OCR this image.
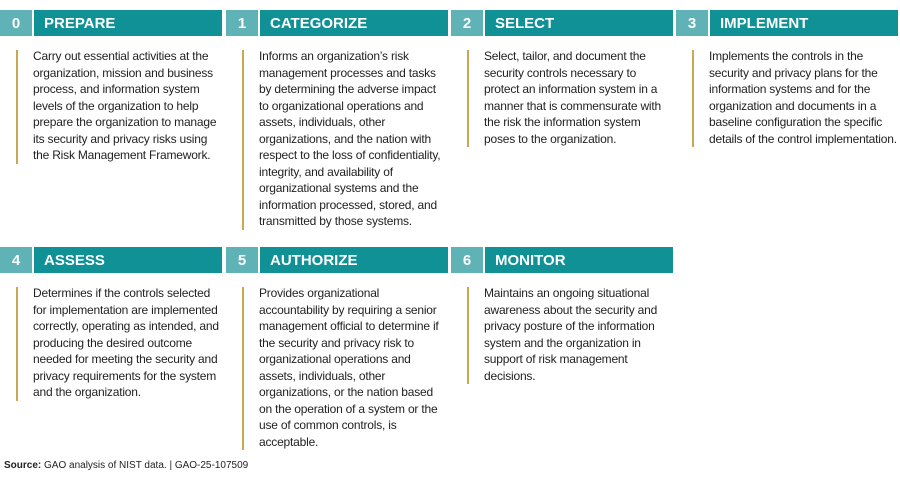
0	PREPARE
Carry out essential activities at the organization, mission and business process, and information system levels of the organization to help prepare the organization to manage its security and privacy risks using the Risk Management Framework.
1	CATEGORIZE
Informs an organization’s risk management processes and tasks by determining the adverse impact to organizational operations and assets, individuals, other organizations, and the nation with respect to the loss of confidentiality, integrity, and availability of organizational systems and the information processed, stored, and transmitted by those systems.
2	SELECT
Select, tailor, and document the security controls necessary to protect an information system in a manner that is commensurate with the risk the information system poses to the organization.
3	IMPLEMENT
Implements the controls in the security and privacy plans for the information systems and for the organization and documents in a baseline configuration the specific details of the control implementation.
4	ASSESS
Determines if the controls selected for implementation are implemented correctly, operating as intended, and producing the desired outcome needed for meeting the security and privacy requirements for the system and the organization.
5	AUTHORIZE
Provides organizational accountability by requiring a senior management official to determine if the security and privacy risk to organizational operations and assets, individuals, other organizations, or the nation based on the operation of a system or the use of common controls, is acceptable.
6	MONITOR
Maintains an ongoing situational awareness about the security and privacy posture of the information system and the organization in support of risk management decisions.
Source: GAO analysis of NIST data. | GAO-25-107509
